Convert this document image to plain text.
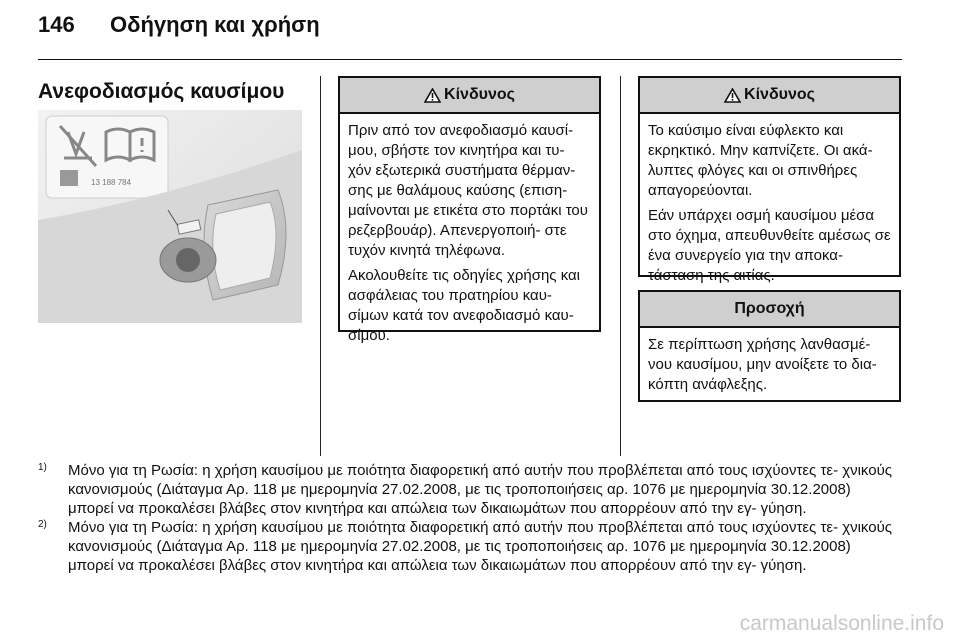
146 Οδήγηση και χρήση
Ανεφοδιασμός καυσίμου
13 188 784
Κίνδυνος

Πριν από τον ανεφοδιασμό καυσί- μου, σβήστε τον κινητήρα και τυ- χόν εξωτερικά συστήματα θέρμαν- σης με θαλάμους καύσης (επιση- μαίνονται με ετικέτα στο πορτάκι του ρεζερβουάρ). Απενεργοποιή- στε τυχόν κινητά τηλέφωνα.

Ακολουθείτε τις οδηγίες χρήσης και ασφάλειας του πρατηρίου καυ- σίμων κατά τον ανεφοδιασμό καυ- σίμου.

Κίνδυνος

Το καύσιμο είναι εύφλεκτο και εκρηκτικό. Μην καπνίζετε. Οι ακά- λυπτες φλόγες και οι σπινθήρες απαγορεύονται.

Εάν υπάρχει οσμή καυσίμου μέσα στο όχημα, απευθυνθείτε αμέσως σε ένα συνεργείο για την αποκα- τάσταση της αιτίας.

Προσοχή

Σε περίπτωση χρήσης λανθασμέ- νου καυσίμου, μην ανοίξετε το δια- κόπτη ανάφλεξης.

1) Μόνο για τη Ρωσία: η χρήση καυσίμου με ποιότητα διαφορετική από αυτήν που προβλέπεται από τους ισχύοντες τε- χνικούς κανονισμούς (Διάταγμα Αρ. 118 με ημερομηνία 27.02.2008, με τις τροποποιήσεις αρ. 1076 με ημερομηνία 30.12.2008) μπορεί να προκαλέσει βλάβες στον κινητήρα και απώλεια των δικαιωμάτων που απορρέουν από την εγ- γύηση.
2) Μόνο για τη Ρωσία: η χρήση καυσίμου με ποιότητα διαφορετική από αυτήν που προβλέπεται από τους ισχύοντες τε- χνικούς κανονισμούς (Διάταγμα Αρ. 118 με ημερομηνία 27.02.2008, με τις τροποποιήσεις αρ. 1076 με ημερομηνία 30.12.2008) μπορεί να προκαλέσει βλάβες στον κινητήρα και απώλεια των δικαιωμάτων που απορρέουν από την εγ- γύηση.
carmanualsonline.info
